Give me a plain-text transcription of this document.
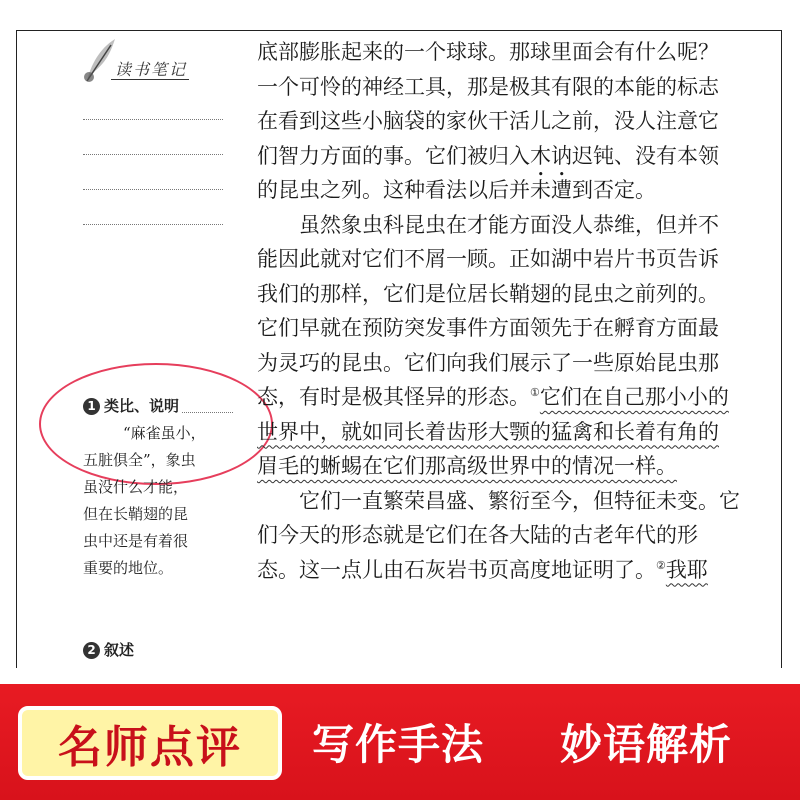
读书笔记
1 类比、说明
“麻雀虽小，
五脏俱全”，象虫
虽没什么才能，
但在长鞘翅的昆
虫中还是有着很
重要的地位。
2 叙述
底部膨胀起来的一个球球。那球里面会有什么呢？
一个可怜的神经工具，那是极其有限的本能的标志
在看到这些小脑袋的家伙干活儿之前，没人注意它
们智力方面的事。它们被归入木讷迟钝、没有本领
的昆虫之列。这种看法以后并未遭到否定。
虽然象虫科昆虫在才能方面没人恭维，但并不
能因此就对它们不屑一顾。正如湖中岩片书页告诉
我们的那样，它们是位居长鞘翅的昆虫之前列的。
它们早就在预防突发事件方面领先于在孵育方面最
为灵巧的昆虫。它们向我们展示了一些原始昆虫那
态，有时是极其怪异的形态。①它们在自己那小小的
世界中，就如同长着齿形大颚的猛禽和长着有角的
眉毛的蜥蜴在它们那高级世界中的情况一样。
它们一直繁荣昌盛、繁衍至今，但特征未变。它
们今天的形态就是它们在各大陆的古老年代的形
态。这一点儿由石灰岩书页高度地证明了。②我耶
名师点评 写作手法 妙语解析
